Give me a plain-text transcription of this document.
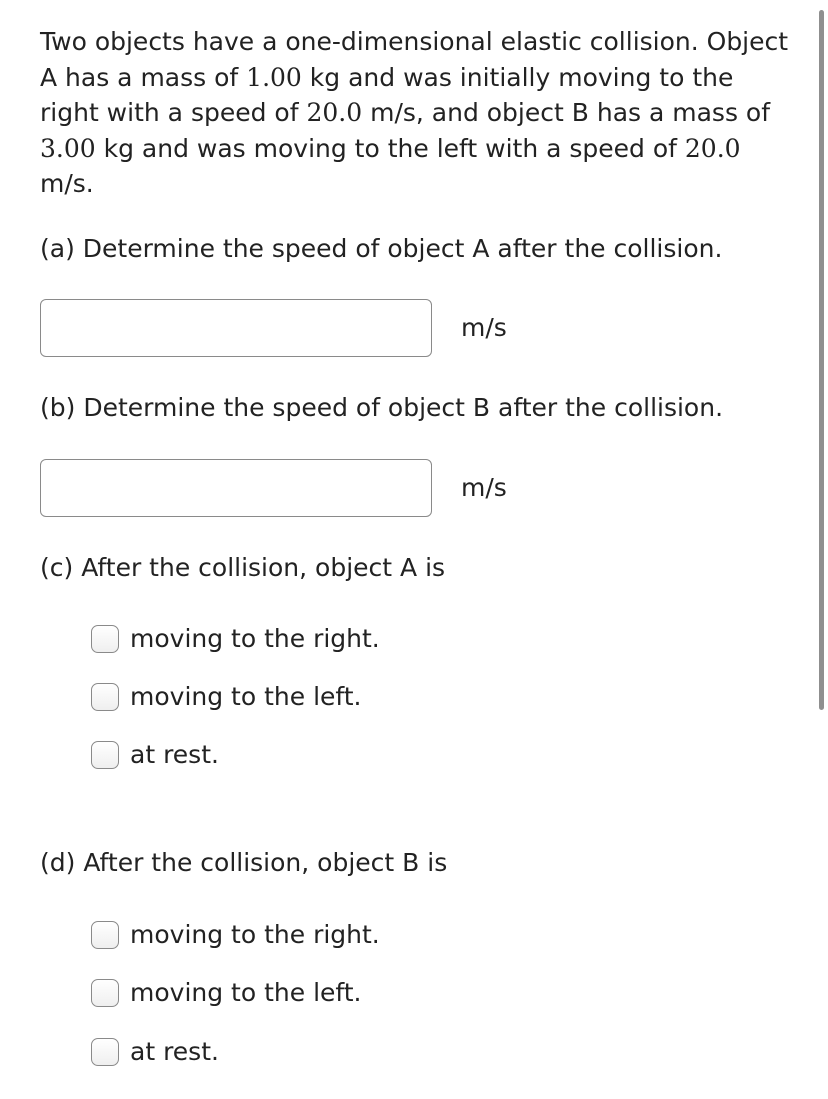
Two objects have a one-dimensional elastic collision. Object A has a mass of 1.00 kg and was initially moving to the right with a speed of 20.0 m/s, and object B has a mass of 3.00 kg and was moving to the left with a speed of 20.0 m/s.
(a) Determine the speed of object A after the collision.
m/s
(b) Determine the speed of object B after the collision.
m/s
(c) After the collision, object A is
moving to the right.
moving to the left.
at rest.
(d) After the collision, object B is
moving to the right.
moving to the left.
at rest.
